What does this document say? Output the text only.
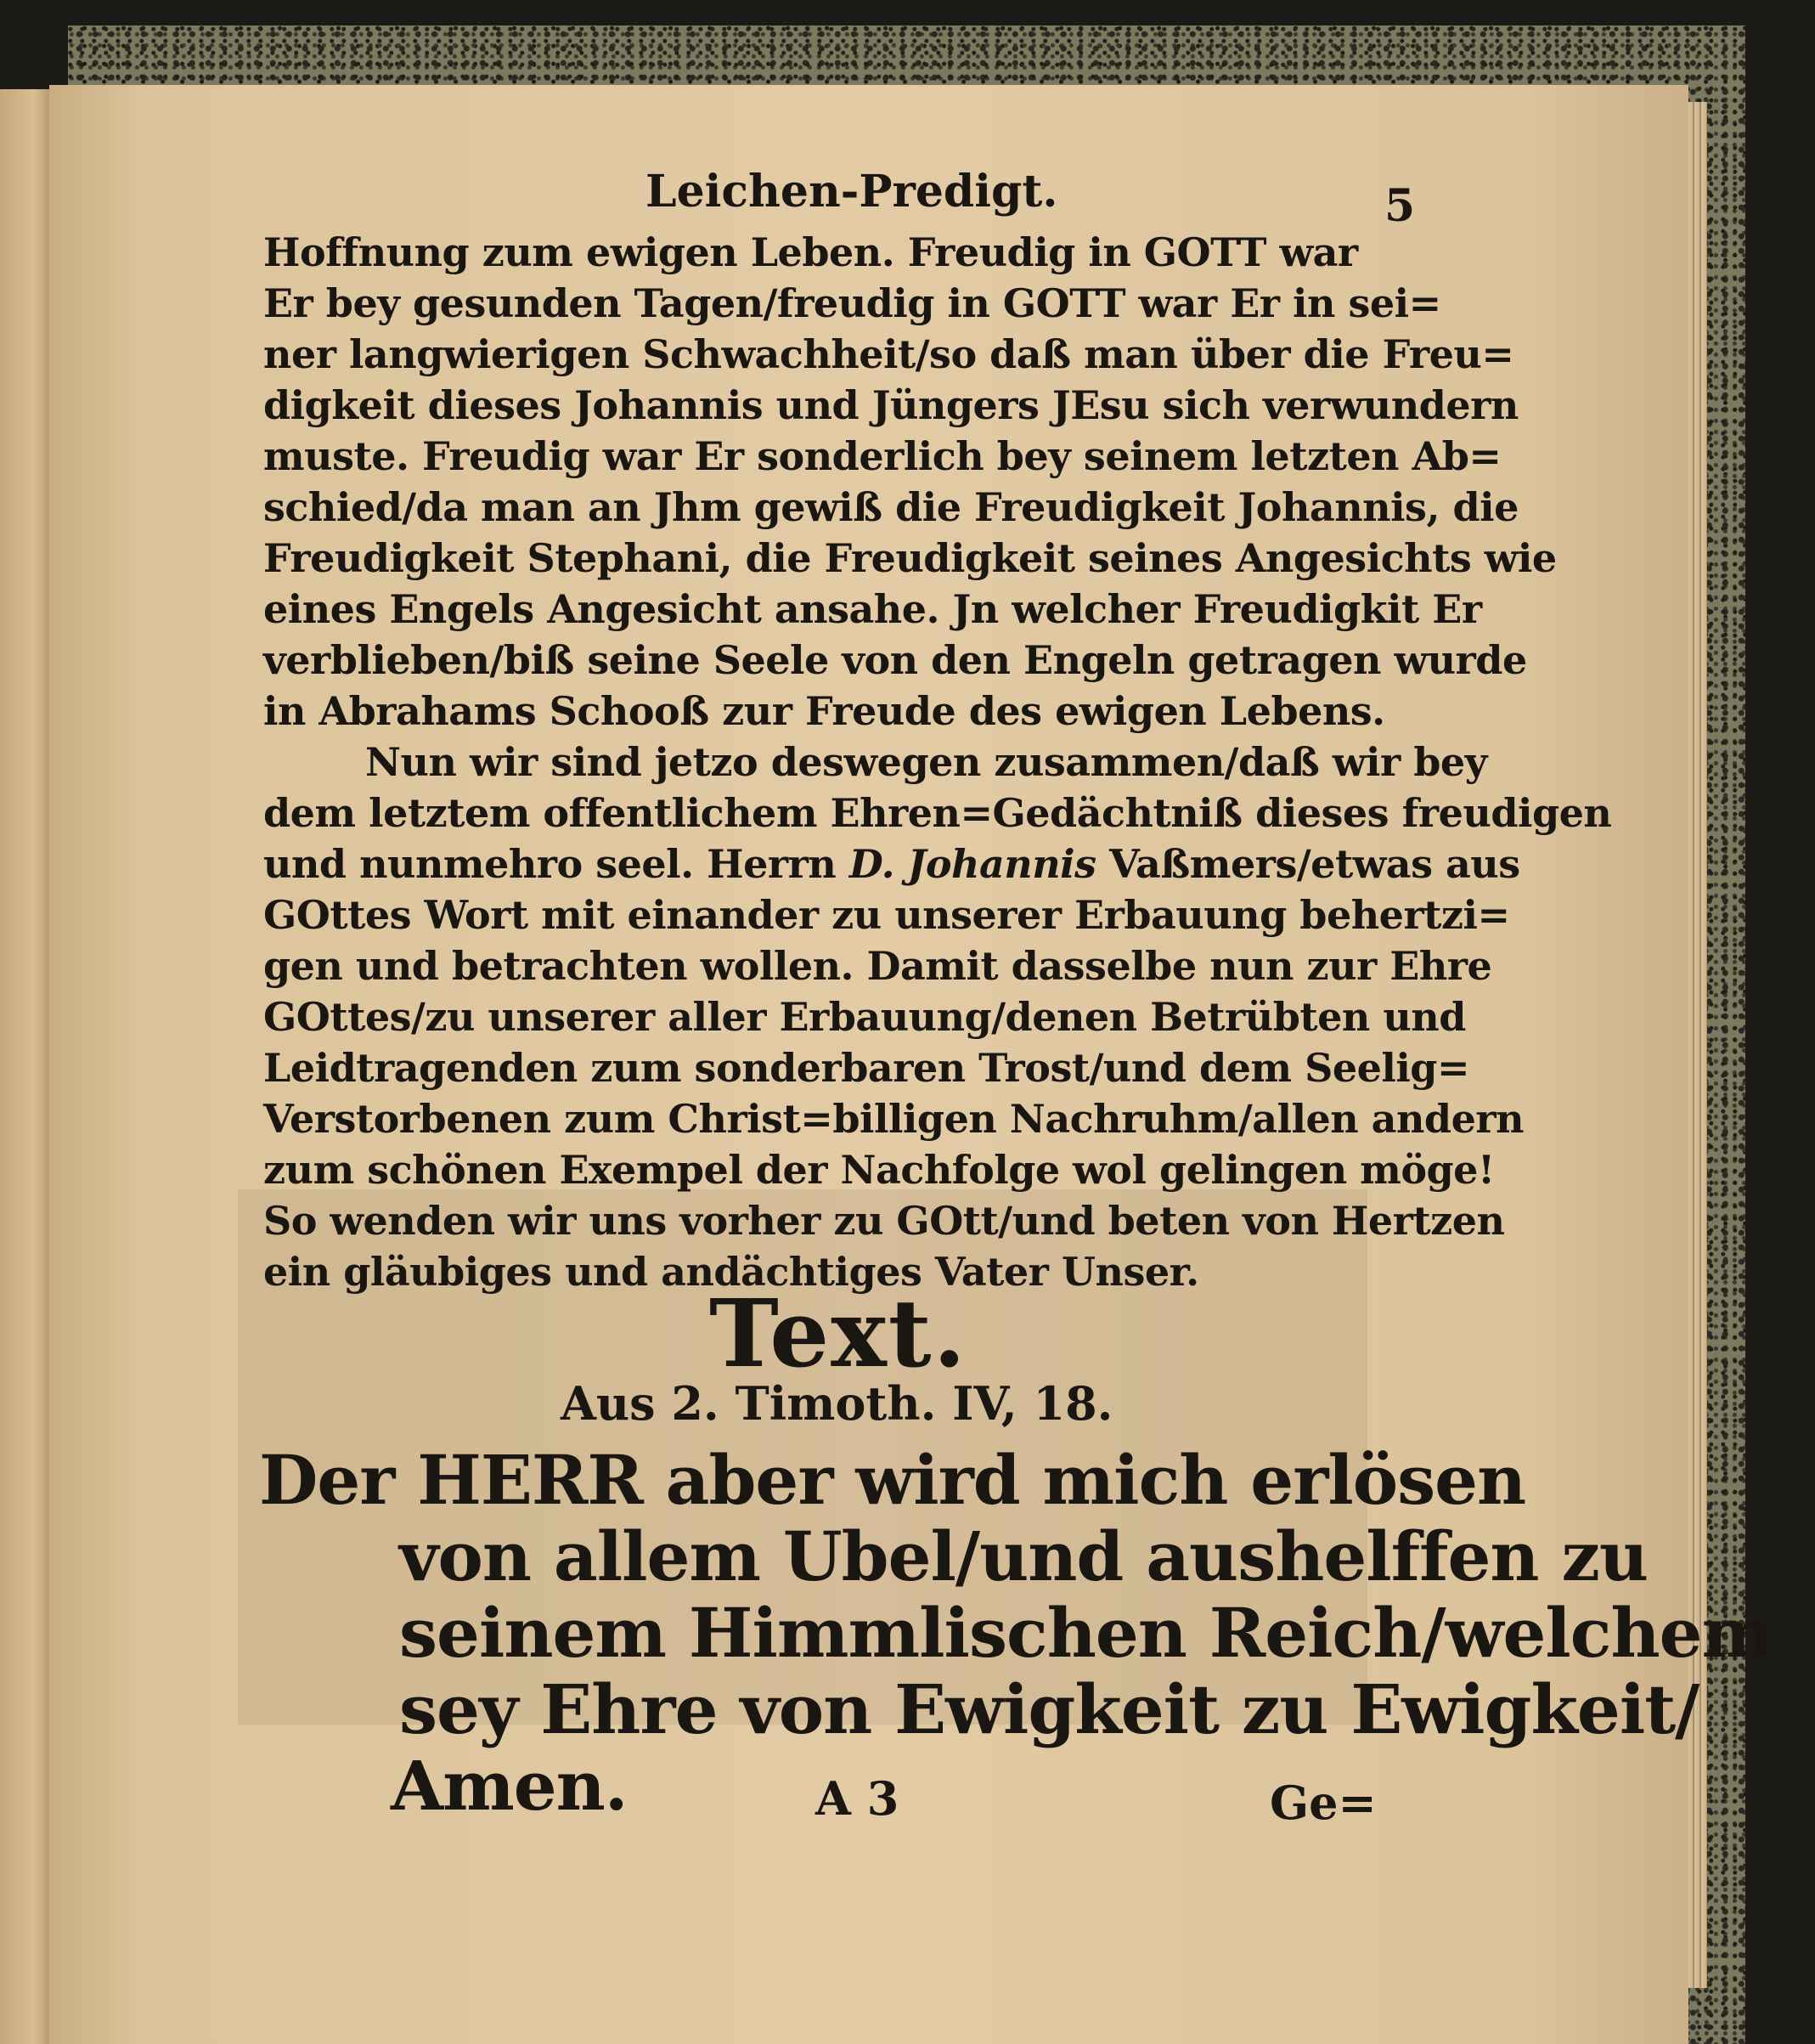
Leichen-Predigt.	5
Hoffnung zum ewigen Leben. Freudig in GOTT war
Er bey gesunden Tagen/freudig in GOTT war Er in sei=
ner langwierigen Schwachheit/so daß man über die Freu=
digkeit dieses Johannis und Jüngers JEsu sich verwundern
muste. Freudig war Er sonderlich bey seinem letzten Ab=
schied/da man an Jhm gewiß die Freudigkeit Johannis, die
Freudigkeit Stephani, die Freudigkeit seines Angesichts wie
eines Engels Angesicht ansahe. Jn welcher Freudigkit Er
verblieben/biß seine Seele von den Engeln getragen wurde
in Abrahams Schooß zur Freude des ewigen Lebens.
Nun wir sind jetzo deswegen zusammen/daß wir bey
dem letztem offentlichem Ehren=Gedächtniß dieses freudigen
und nunmehro seel. Herrn D. Johannis Vaßmers/etwas aus
GOttes Wort mit einander zu unserer Erbauung behertzi=
gen und betrachten wollen. Damit dasselbe nun zur Ehre
GOttes/zu unserer aller Erbauung/denen Betrübten und
Leidtragenden zum sonderbaren Trost/und dem Seelig=
Verstorbenen zum Christ=billigen Nachruhm/allen andern
zum schönen Exempel der Nachfolge wol gelingen möge!
So wenden wir uns vorher zu GOtt/und beten von Hertzen
ein gläubiges und andächtiges Vater Unser.
Text.
Aus 2. Timoth. IV, 18.
Der HERR aber wird mich erlösen
von allem Ubel/und aushelffen zu
seinem Himmlischen Reich/welchem
sey Ehre von Ewigkeit zu Ewigkeit/
Amen.	A 3	Ge=
